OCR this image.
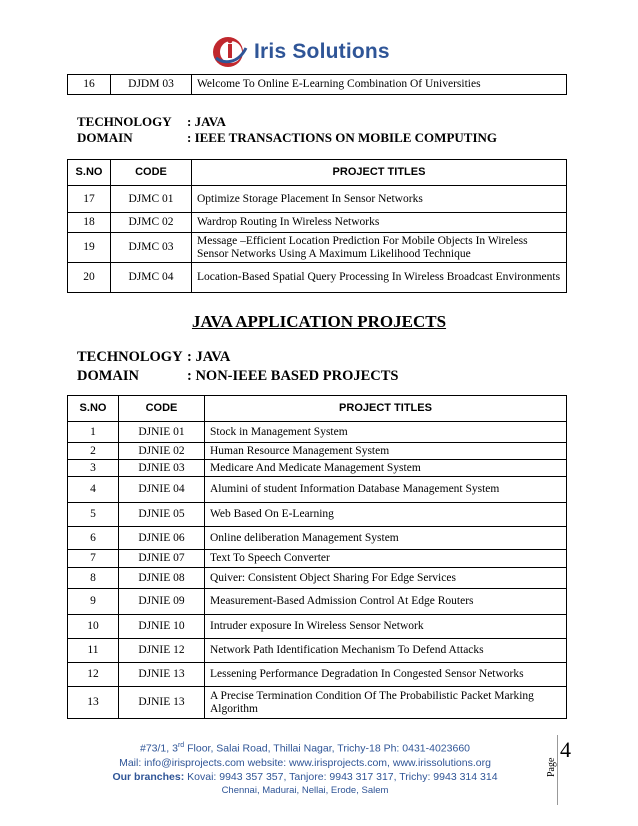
Iris Solutions
16	DJDM 03	Welcome To Online E-Learning Combination Of Universities
TECHNOLOGY	: JAVA
DOMAIN	: IEEE TRANSACTIONS ON MOBILE COMPUTING
S.NO	CODE	PROJECT TITLES
17	DJMC 01	Optimize Storage Placement In Sensor Networks
18	DJMC 02	Wardrop Routing In Wireless Networks
19	DJMC 03	Message –Efficient Location Prediction For Mobile Objects In Wireless Sensor Networks Using A Maximum Likelihood Technique
20	DJMC 04	Location-Based Spatial Query Processing In Wireless Broadcast Environments
JAVA APPLICATION PROJECTS
TECHNOLOGY : JAVA
DOMAIN	: NON-IEEE BASED PROJECTS
S.NO	CODE	PROJECT TITLES
1	DJNIE 01	Stock in Management System
2	DJNIE 02	Human Resource Management System
3	DJNIE 03	Medicare And Medicate Management System
4	DJNIE 04	Alumini of student Information Database Management System
5	DJNIE 05	Web Based On E-Learning
6	DJNIE 06	Online deliberation Management System
7	DJNIE 07	Text To Speech Converter
8	DJNIE 08	Quiver: Consistent Object Sharing For Edge Services
9	DJNIE 09	Measurement-Based Admission Control At Edge Routers
10	DJNIE 10	Intruder exposure In Wireless Sensor Network
11	DJNIE 12	Network Path Identification Mechanism To Defend Attacks
12	DJNIE 13	Lessening Performance Degradation In Congested Sensor Networks
13	DJNIE 13	A Precise Termination Condition Of The Probabilistic Packet Marking Algorithm
#73/1, 3rd Floor, Salai Road, Thillai Nagar, Trichy-18 Ph: 0431-4023660
Mail: info@irisprojects.com website: www.irisprojects.com, www.irissolutions.org
Our branches: Kovai: 9943 357 357, Tanjore: 9943 317 317, Trichy: 9943 314 314
Chennai, Madurai, Nellai, Erode, Salem
Page
4
